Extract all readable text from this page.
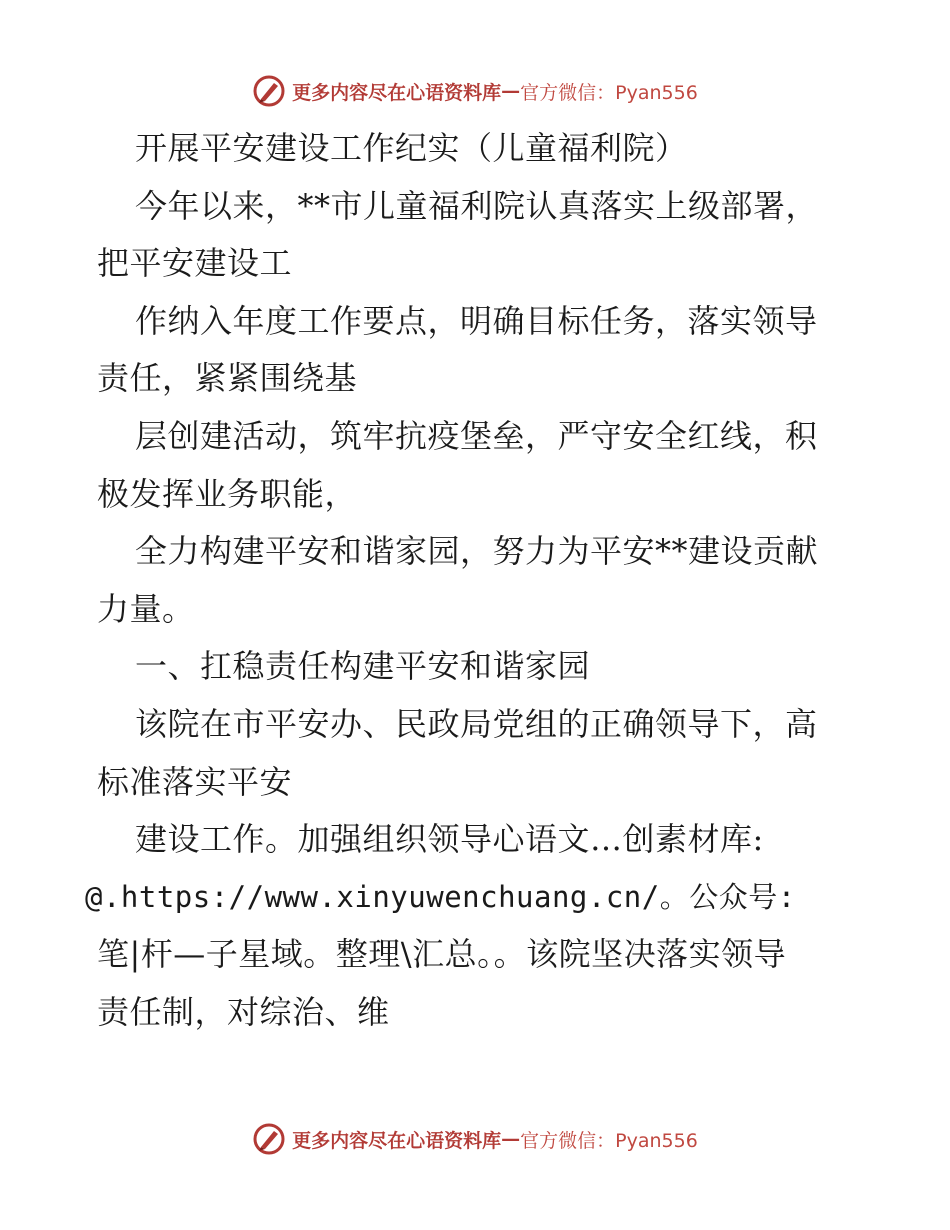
更多内容尽在心语资料库 — 官方微信：Pyan556
开展平安建设工作纪实（儿童福利院）
今年以来，**市儿童福利院认真落实上级部署，
把平安建设工
作纳入年度工作要点，明确目标任务，落实领导
责任，紧紧围绕基
层创建活动，筑牢抗疫堡垒，严守安全红线，积
极发挥业务职能，
全力构建平安和谐家园，努力为平安**建设贡献
力量。
一、扛稳责任构建平安和谐家园
该院在市平安办、民政局党组的正确领导下，高
标准落实平安
建设工作。加强组织领导心语文…创素材库:
@.https://www.xinyuwenchuang.cn/。公众号:
笔|杆—子星域。整理\汇总。。该院坚决落实领导
责任制，对综治、维
更多内容尽在心语资料库 — 官方微信：Pyan556
